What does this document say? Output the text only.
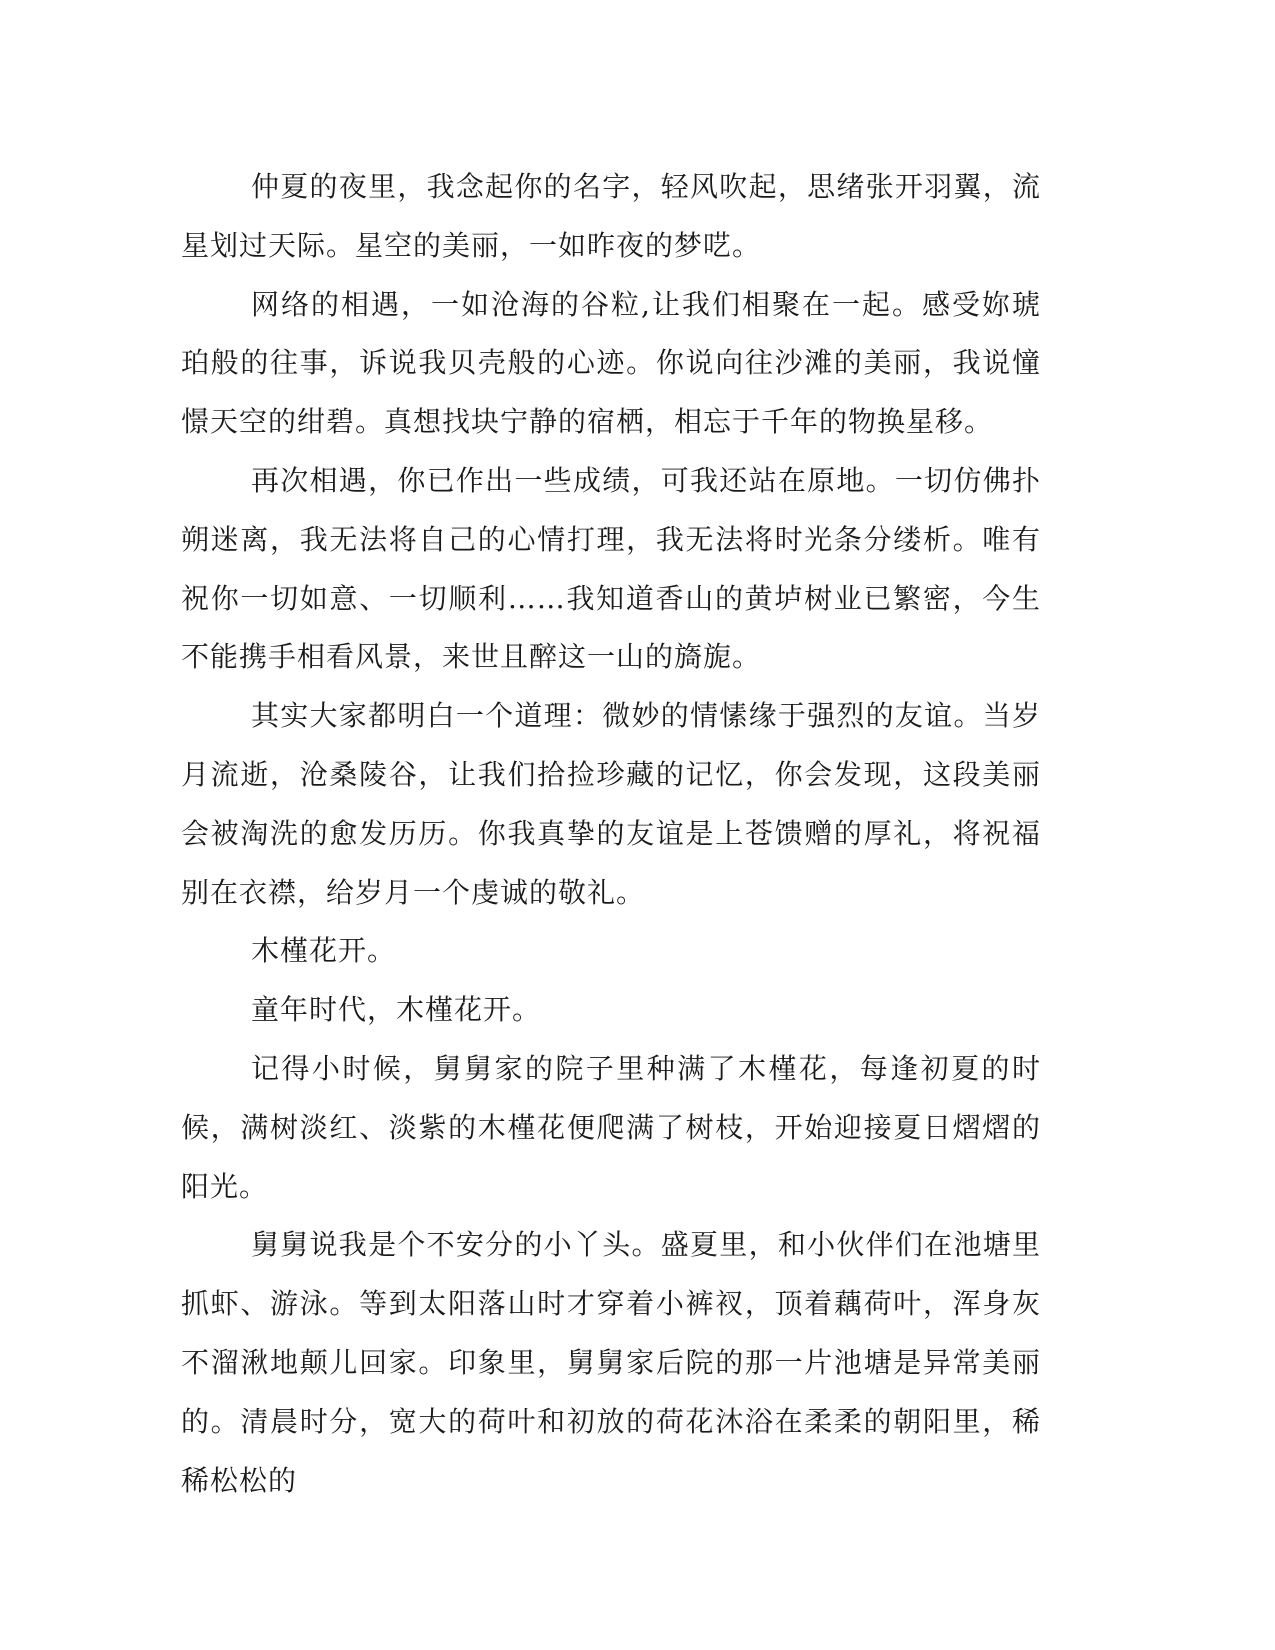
仲夏的夜里，我念起你的名字，轻风吹起，思绪张开羽翼，流星划过天际。星空的美丽，一如昨夜的梦呓。

网络的相遇，一如沧海的谷粒,让我们相聚在一起。感受妳琥珀般的往事，诉说我贝壳般的心迹。你说向往沙滩的美丽，我说憧憬天空的绀碧。真想找块宁静的宿栖，相忘于千年的物换星移。

再次相遇，你已作出一些成绩，可我还站在原地。一切仿佛扑朔迷离，我无法将自己的心情打理，我无法将时光条分缕析。唯有祝你一切如意、一切顺利……我知道香山的黄垆树业已繁密，今生不能携手相看风景，来世且醉这一山的旖旎。

其实大家都明白一个道理：微妙的情愫缘于强烈的友谊。当岁月流逝，沧桑陵谷，让我们拾捡珍藏的记忆，你会发现，这段美丽会被淘洗的愈发历历。你我真挚的友谊是上苍馈赠的厚礼，将祝福别在衣襟，给岁月一个虔诚的敬礼。

木槿花开。

童年时代，木槿花开。

记得小时候，舅舅家的院子里种满了木槿花，每逢初夏的时候，满树淡红、淡紫的木槿花便爬满了树枝，开始迎接夏日熠熠的阳光。

舅舅说我是个不安分的小丫头。盛夏里，和小伙伴们在池塘里抓虾、游泳。等到太阳落山时才穿着小裤衩，顶着藕荷叶，浑身灰不溜湫地颠儿回家。印象里，舅舅家后院的那一片池塘是异常美丽的。清晨时分，宽大的荷叶和初放的荷花沐浴在柔柔的朝阳里，稀稀松松的
